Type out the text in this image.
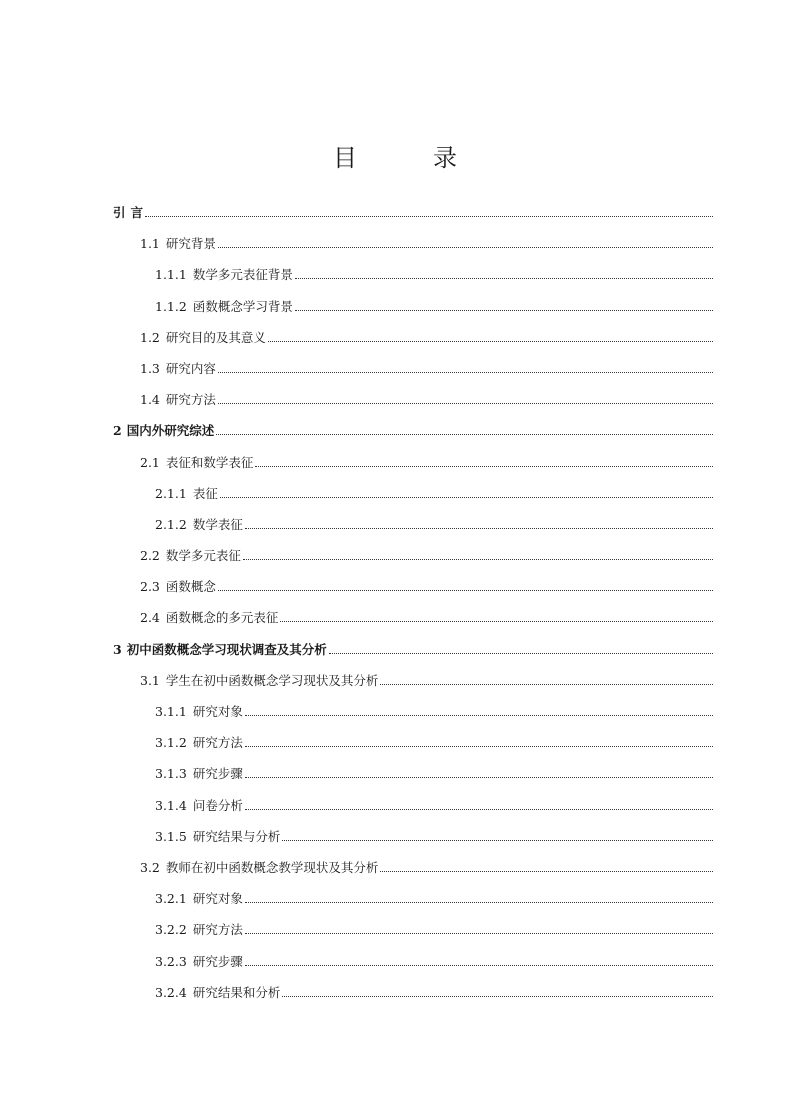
目　录
引 言
1.1 研究背景
1.1.1 数学多元表征背景
1.1.2 函数概念学习背景
1.2 研究目的及其意义
1.3 研究内容
1.4 研究方法
2 国内外研究综述
2.1 表征和数学表征
2.1.1 表征
2.1.2 数学表征
2.2 数学多元表征
2.3 函数概念
2.4 函数概念的多元表征
3 初中函数概念学习现状调查及其分析
3.1 学生在初中函数概念学习现状及其分析
3.1.1 研究对象
3.1.2 研究方法
3.1.3 研究步骤
3.1.4 问卷分析
3.1.5 研究结果与分析
3.2 教师在初中函数概念教学现状及其分析
3.2.1 研究对象
3.2.2 研究方法
3.2.3 研究步骤
3.2.4 研究结果和分析
